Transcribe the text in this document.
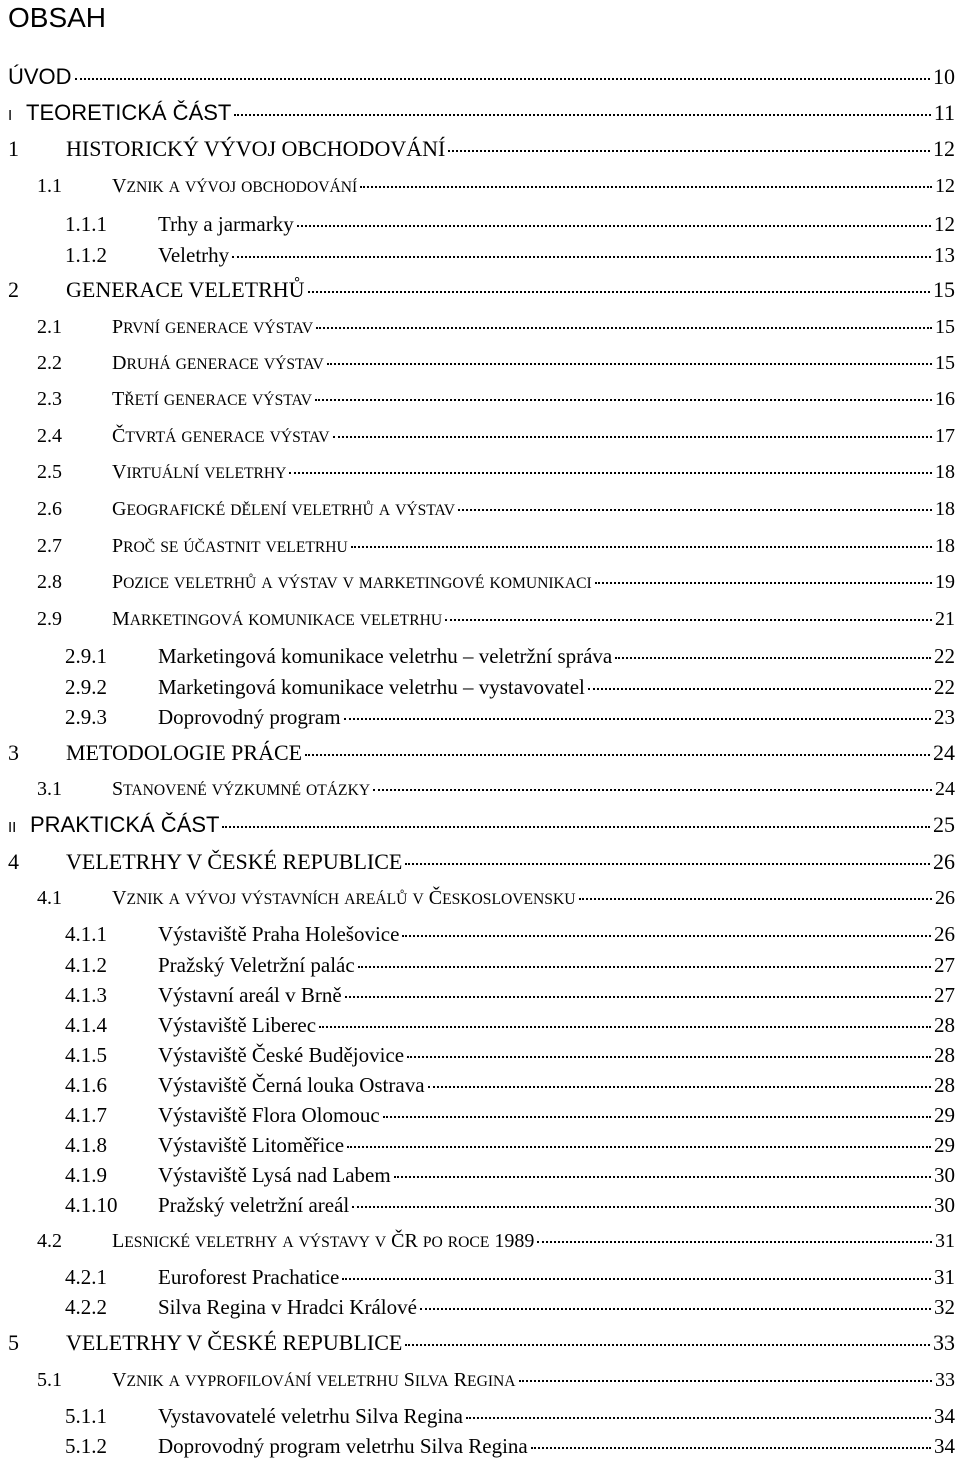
OBSAH
ÚVOD	10
I TEORETICKÁ ČÁST	11
1	HISTORICKÝ VÝVOJ OBCHODOVÁNÍ	12
1.1	VZNIK A VÝVOJ OBCHODOVÁNÍ	12
1.1.1	Trhy a jarmarky	12
1.1.2	Veletrhy	13
2	GENERACE VELETRHŮ	15
2.1	PRVNÍ GENERACE VÝSTAV	15
2.2	DRUHÁ GENERACE VÝSTAV	15
2.3	TŘETÍ GENERACE VÝSTAV	16
2.4	ČTVRTÁ GENERACE VÝSTAV	17
2.5	VIRTUÁLNÍ VELETRHY	18
2.6	GEOGRAFICKÉ DĚLENÍ VELETRHŮ A VÝSTAV	18
2.7	PROČ SE ÚČASTNIT VELETRHU	18
2.8	POZICE VELETRHŮ A VÝSTAV V MARKETINGOVÉ KOMUNIKACI	19
2.9	MARKETINGOVÁ KOMUNIKACE VELETRHU	21
2.9.1	Marketingová komunikace veletrhu – veletržní správa	22
2.9.2	Marketingová komunikace veletrhu – vystavovatel	22
2.9.3	Doprovodný program	23
3	METODOLOGIE PRÁCE	24
3.1	STANOVENÉ VÝZKUMNÉ OTÁZKY	24
II PRAKTICKÁ ČÁST	25
4	VELETRHY V ČESKÉ REPUBLICE	26
4.1	VZNIK A VÝVOJ VÝSTAVNÍCH AREÁLŮ V ČESKOSLOVENSKU	26
4.1.1	Výstaviště Praha Holešovice	26
4.1.2	Pražský Veletržní palác	27
4.1.3	Výstavní areál v Brně	27
4.1.4	Výstaviště Liberec	28
4.1.5	Výstaviště České Budějovice	28
4.1.6	Výstaviště Černá louka Ostrava	28
4.1.7	Výstaviště Flora Olomouc	29
4.1.8	Výstaviště Litoměřice	29
4.1.9	Výstaviště Lysá nad Labem	30
4.1.10	Pražský veletržní areál	30
4.2	LESNICKÉ VELETRHY A VÝSTAVY V ČR PO ROCE 1989	31
4.2.1	Euroforest Prachatice	31
4.2.2	Silva Regina v Hradci Králové	32
5	VELETRHY V ČESKÉ REPUBLICE	33
5.1	VZNIK A VYPROFILOVÁNÍ VELETRHU SILVA REGINA	33
5.1.1	Vystavovatelé veletrhu Silva Regina	34
5.1.2	Doprovodný program veletrhu Silva Regina	34
